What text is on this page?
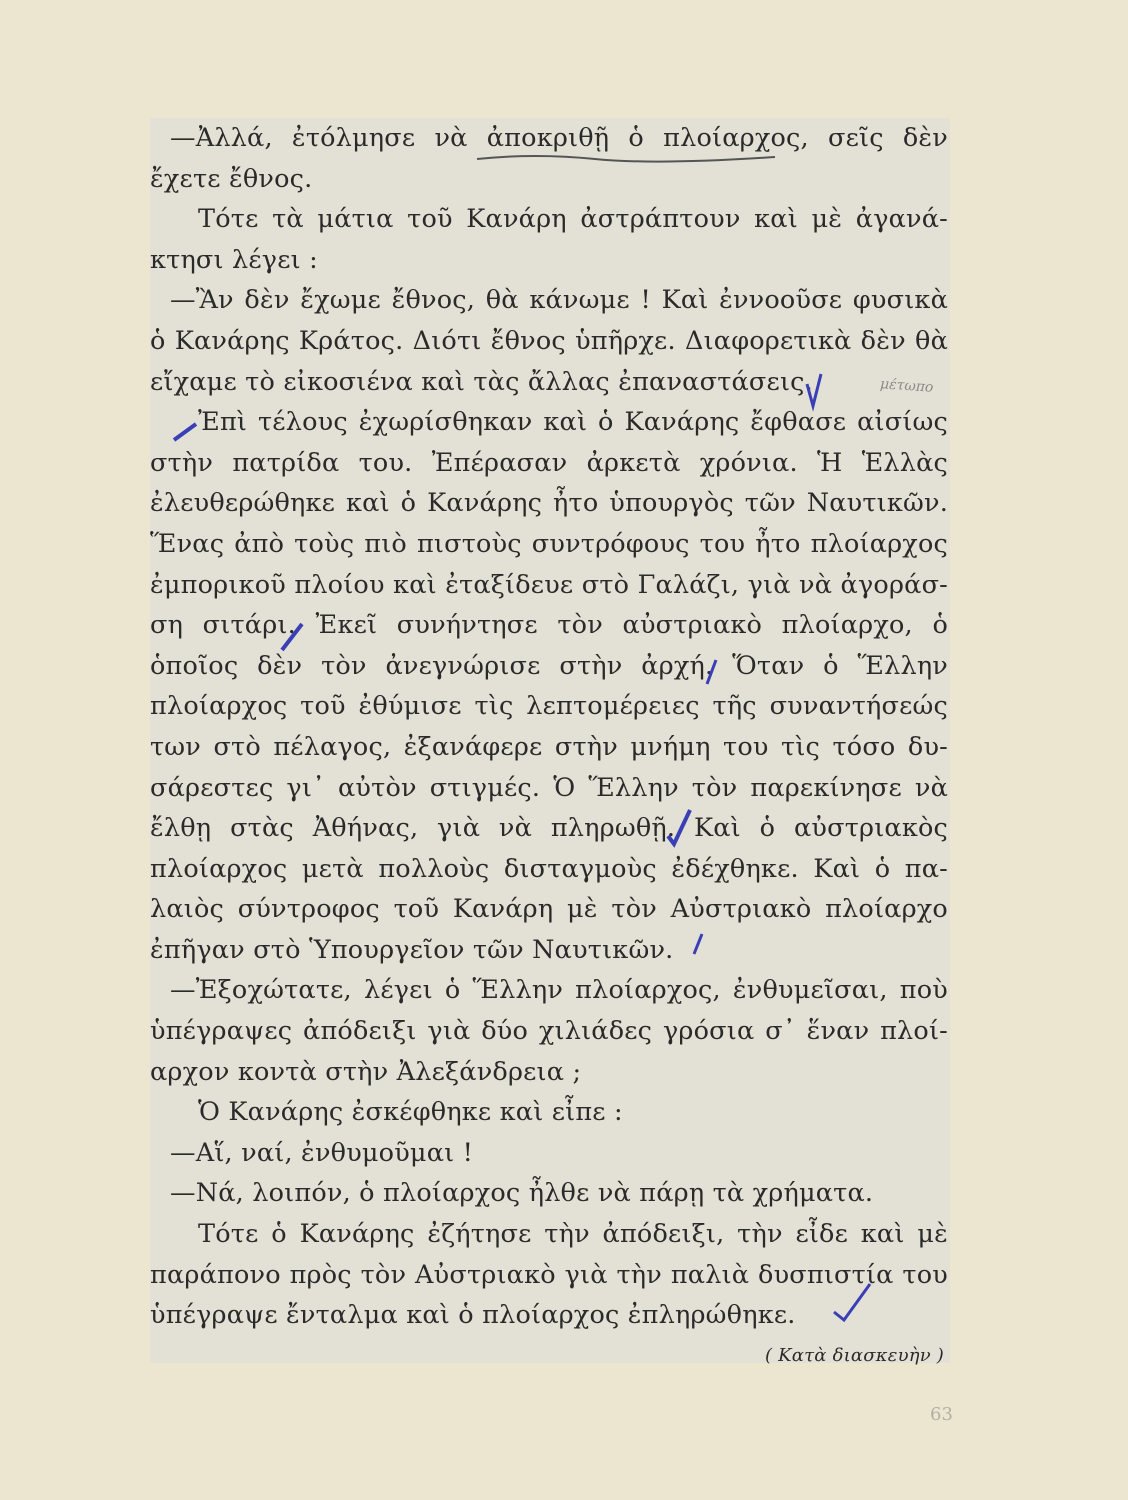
—Ἀλλά, ἐτόλμησε νὰ ἀποκριθῇ ὁ πλοίαρχος, σεῖς δὲν
ἔχετε ἔθνος.
Τότε τὰ μάτια τοῦ Κανάρη ἀστράπτουν καὶ μὲ ἀγανά-
κτησι λέγει :
—Ἂν δὲν ἔχωμε ἔθνος, θὰ κάνωμε ! Καὶ ἐννοοῦσε φυσικὰ
ὁ Κανάρης Κράτος. Διότι ἔθνος ὑπῆρχε. Διαφορετικὰ δὲν θὰ
εἴχαμε τὸ εἰκοσιένα καὶ τὰς ἄλλας ἐπαναστάσεις.
Ἐπὶ τέλους ἐχωρίσθηκαν καὶ ὁ Κανάρης ἔφθασε αἰσίως
στὴν πατρίδα του. Ἐπέρασαν ἀρκετὰ χρόνια. Ἡ Ἑλλὰς
ἐλευθερώθηκε καὶ ὁ Κανάρης ἦτο ὑπουργὸς τῶν Ναυτικῶν.
Ἕνας ἀπὸ τοὺς πιὸ πιστοὺς συντρόφους του ἦτο πλοίαρχος
ἐμπορικοῦ πλοίου καὶ ἐταξίδευε στὸ Γαλάζι, γιὰ νὰ ἀγοράσ-
ση σιτάρι. Ἐκεῖ συνήντησε τὸν αὐστριακὸ πλοίαρχο, ὁ
ὁποῖος δὲν τὸν ἀνεγνώρισε στὴν ἀρχή. Ὅταν ὁ Ἕλλην
πλοίαρχος τοῦ ἐθύμισε τὶς λεπτομέρειες τῆς συναντήσεώς
των στὸ πέλαγος, ἐξανάφερε στὴν μνήμη του τὶς τόσο δυ-
σάρεστες γι᾽ αὐτὸν στιγμές. Ὁ Ἕλλην τὸν παρεκίνησε νὰ
ἔλθῃ στὰς Ἀθήνας, γιὰ νὰ πληρωθῇ. Καὶ ὁ αὐστριακὸς
πλοίαρχος μετὰ πολλοὺς δισταγμοὺς ἐδέχθηκε. Καὶ ὁ πα-
λαιὸς σύντροφος τοῦ Κανάρη μὲ τὸν Αὐστριακὸ πλοίαρχο
ἐπῆγαν στὸ Ὑπουργεῖον τῶν Ναυτικῶν.
—Ἐξοχώτατε, λέγει ὁ Ἕλλην πλοίαρχος, ἐνθυμεῖσαι, ποὺ
ὑπέγραψες ἀπόδειξι γιὰ δύο χιλιάδες γρόσια σ᾽ ἕναν πλοί-
αρχον κοντὰ στὴν Ἀλεξάνδρεια ;
Ὁ Κανάρης ἐσκέφθηκε καὶ εἶπε :
—Αἵ, ναί, ἐνθυμοῦμαι !
—Νά, λοιπόν, ὁ πλοίαρχος ἦλθε νὰ πάρῃ τὰ χρήματα.
Τότε ὁ Κανάρης ἐζήτησε τὴν ἀπόδειξι, τὴν εἶδε καὶ μὲ
παράπονο πρὸς τὸν Αὐστριακὸ γιὰ τὴν παλιὰ δυσπιστία του
ὑπέγραψε ἔνταλμα καὶ ὁ πλοίαρχος ἐπληρώθηκε.
( Κατὰ διασκευὴν )
μέτωπο
63
